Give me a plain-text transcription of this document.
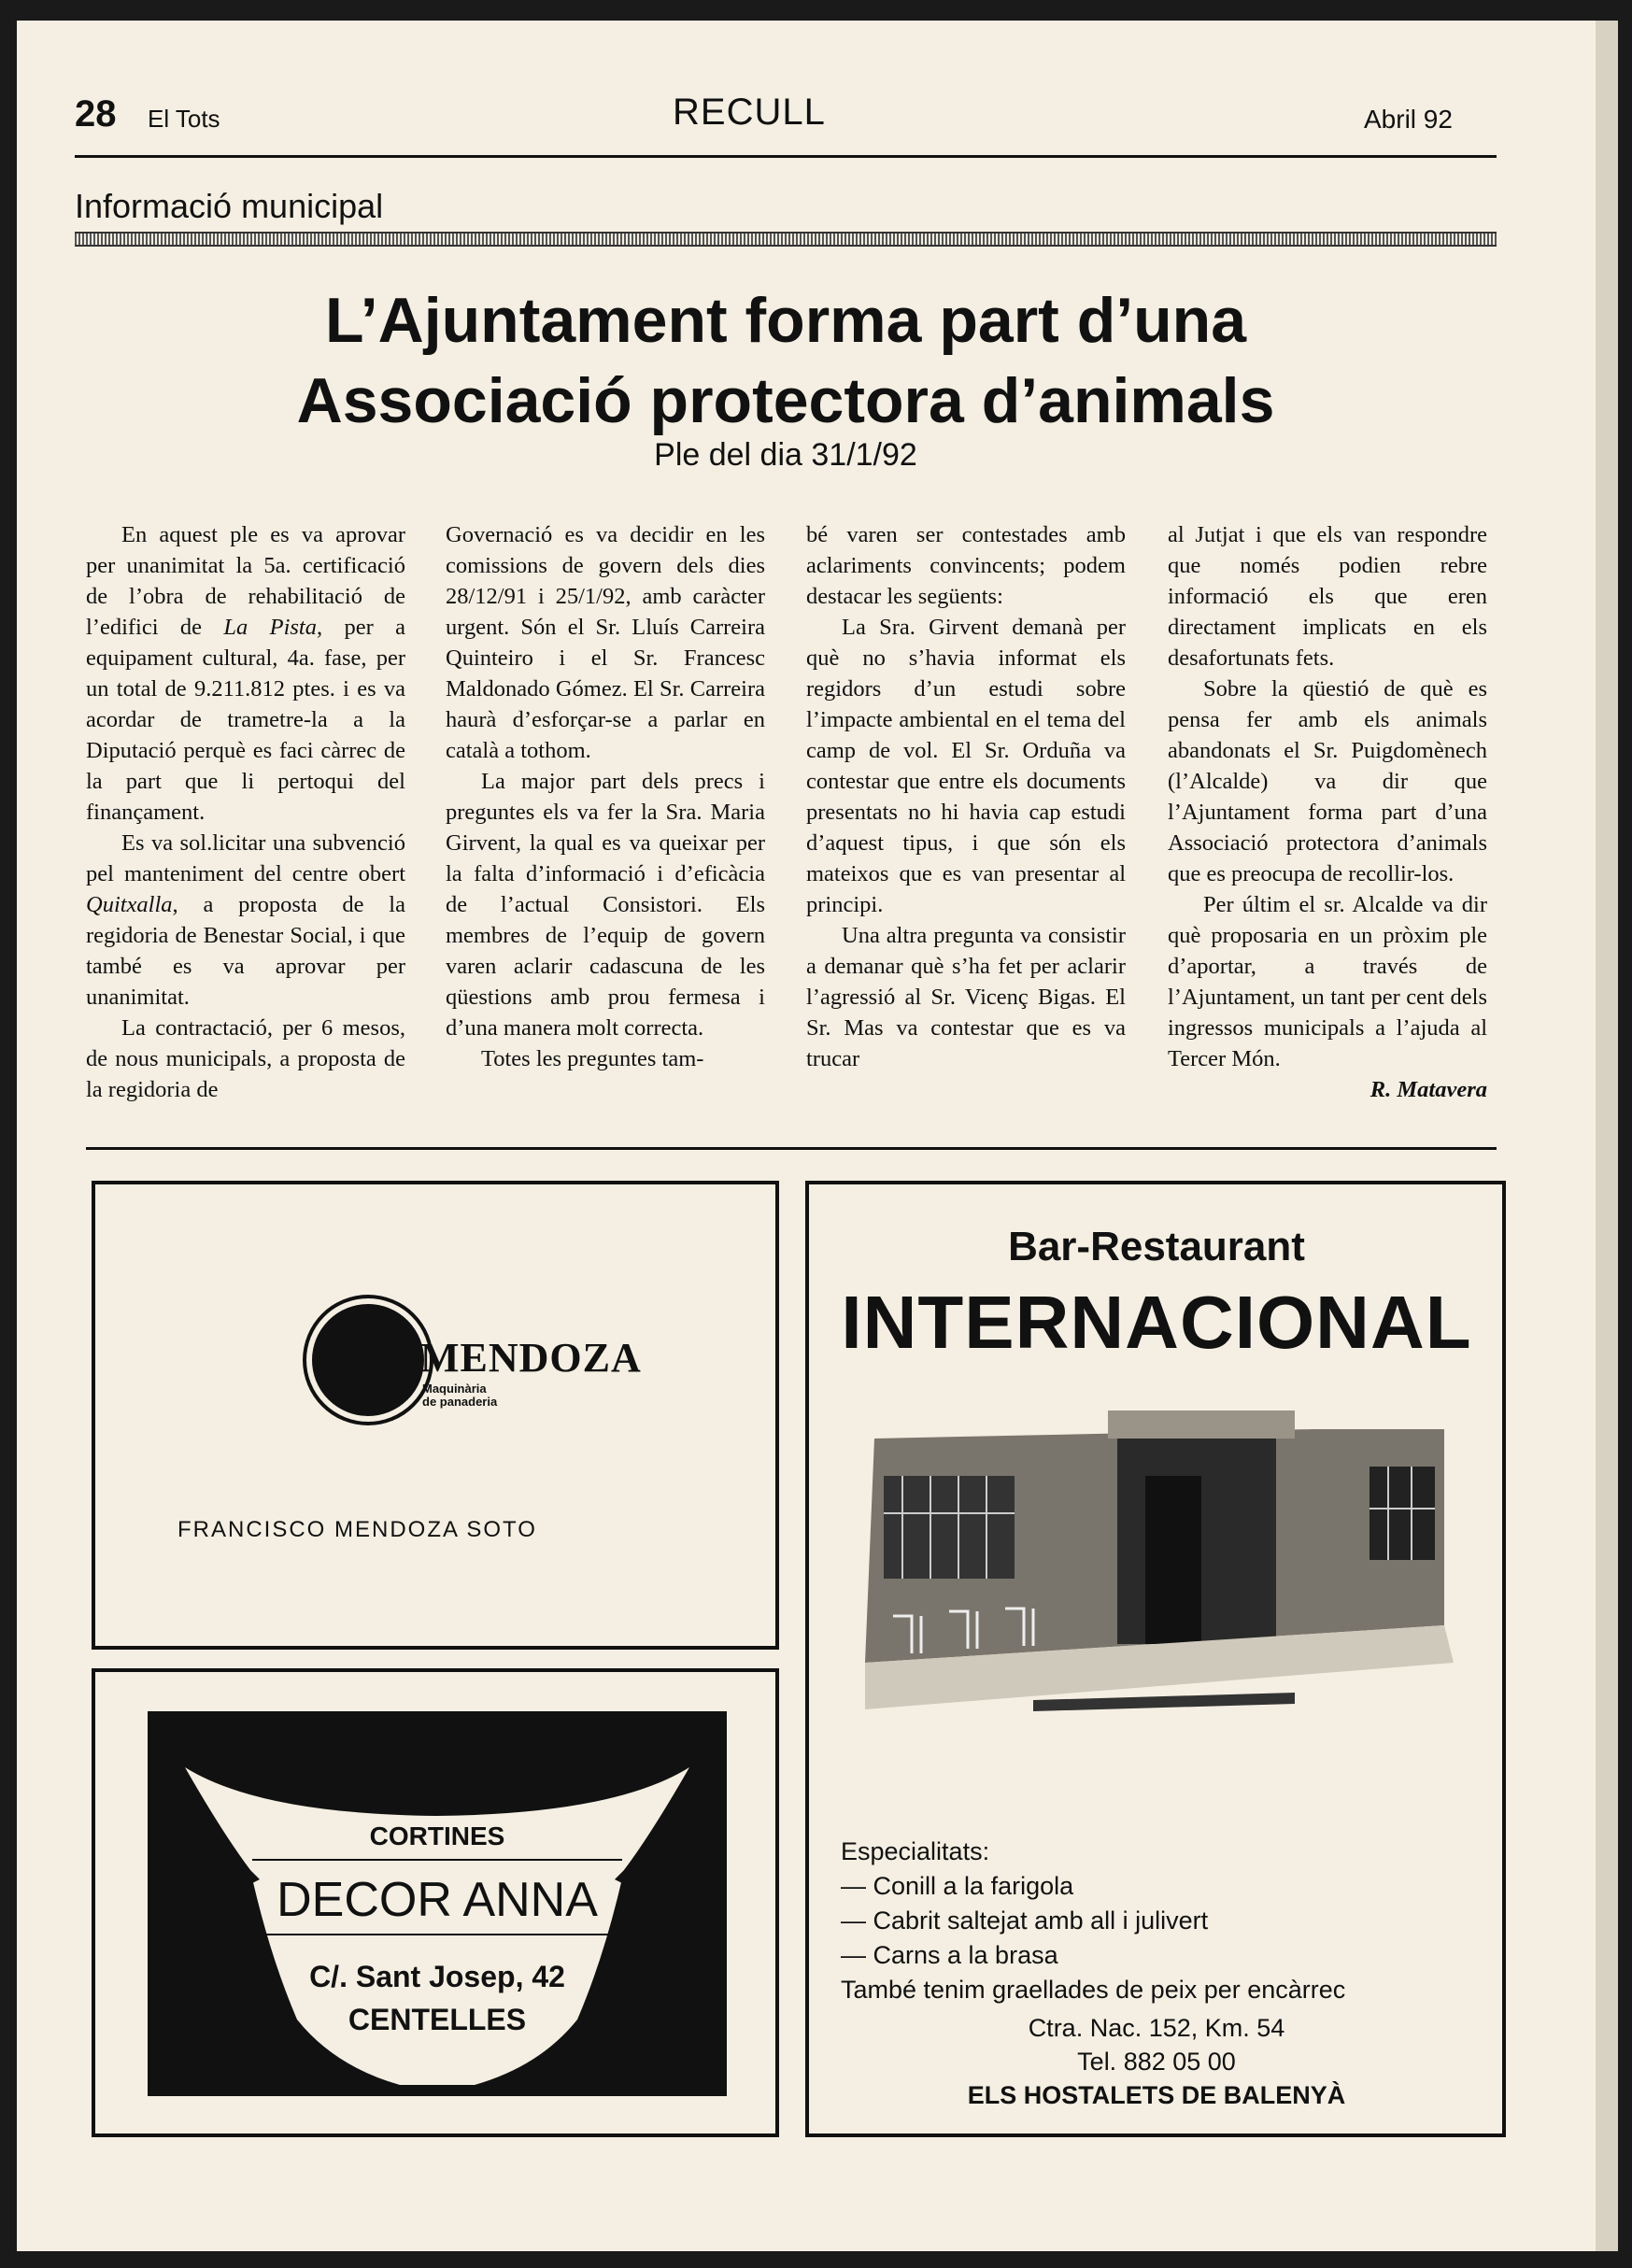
28 El Tots	RECULL	Abril 92
Informació municipal
L’Ajuntament forma part d’una
Associació protectora d’animals
Ple del dia 31/1/92

En aquest ple es va aprovar per unanimitat la 5a. certificació de l’obra de rehabilitació de l’edifici de La Pista, per a equipament cultural, 4a. fase, per un total de 9.211.812 ptes. i es va acordar de trametre-la a la Diputació perquè es faci càrrec de la part que li pertoqui del finançament.

Es va sol.licitar una subvenció pel manteniment del centre obert Quitxalla, a proposta de la regidoria de Benestar Social, i que també es va aprovar per unanimitat.

La contractació, per 6 mesos, de nous municipals, a proposta de la regidoria de

Governació es va decidir en les comissions de govern dels dies 28/12/91 i 25/1/92, amb caràcter urgent. Són el Sr. Lluís Carreira Quinteiro i el Sr. Francesc Maldonado Gómez. El Sr. Carreira haurà d’esforçar-se a parlar en català a tothom.

La major part dels precs i preguntes els va fer la Sra. Maria Girvent, la qual es va queixar per la falta d’informació i d’eficàcia de l’actual Consistori. Els membres de l’equip de govern varen aclarir cadascuna de les qüestions amb prou fermesa i d’una manera molt correcta.

Totes les preguntes tam-

bé varen ser contestades amb aclariments convincents; podem destacar les següents:

La Sra. Girvent demanà per què no s’havia informat els regidors d’un estudi sobre l’impacte ambiental en el tema del camp de vol. El Sr. Orduña va contestar que entre els documents presentats no hi havia cap estudi d’aquest tipus, i que són els mateixos que es van presentar al principi.

Una altra pregunta va consistir a demanar què s’ha fet per aclarir l’agressió al Sr. Vicenç Bigas. El Sr. Mas va contestar que es va trucar

al Jutjat i que els van respondre que només podien rebre informació els que eren directament implicats en els desafortunats fets.

Sobre la qüestió de què es pensa fer amb els animals abandonats el Sr. Puigdomènech (l’Alcalde) va dir que l’Ajuntament forma part d’una Associació protectora d’animals que es preocupa de recollir-los.

Per últim el sr. Alcalde va dir què proposaria en un pròxim ple d’aportar, a través de l’Ajuntament, un tant per cent dels ingressos municipals a l’ajuda al Tercer Món.

R. Matavera
MENDOZA
Maquinària
de panaderia
FRANCISCO MENDOZA SOTO
CORTINES
DECOR ANNA
C/. Sant Josep, 42
CENTELLES
Bar-Restaurant
INTERNACIONAL
Especialitats:
— Conill a la farigola
— Cabrit saltejat amb all i julivert
— Carns a la brasa
També tenim graellades de peix per encàrrec
Ctra. Nac. 152, Km. 54
Tel. 882 05 00
ELS HOSTALETS DE BALENYÀ
